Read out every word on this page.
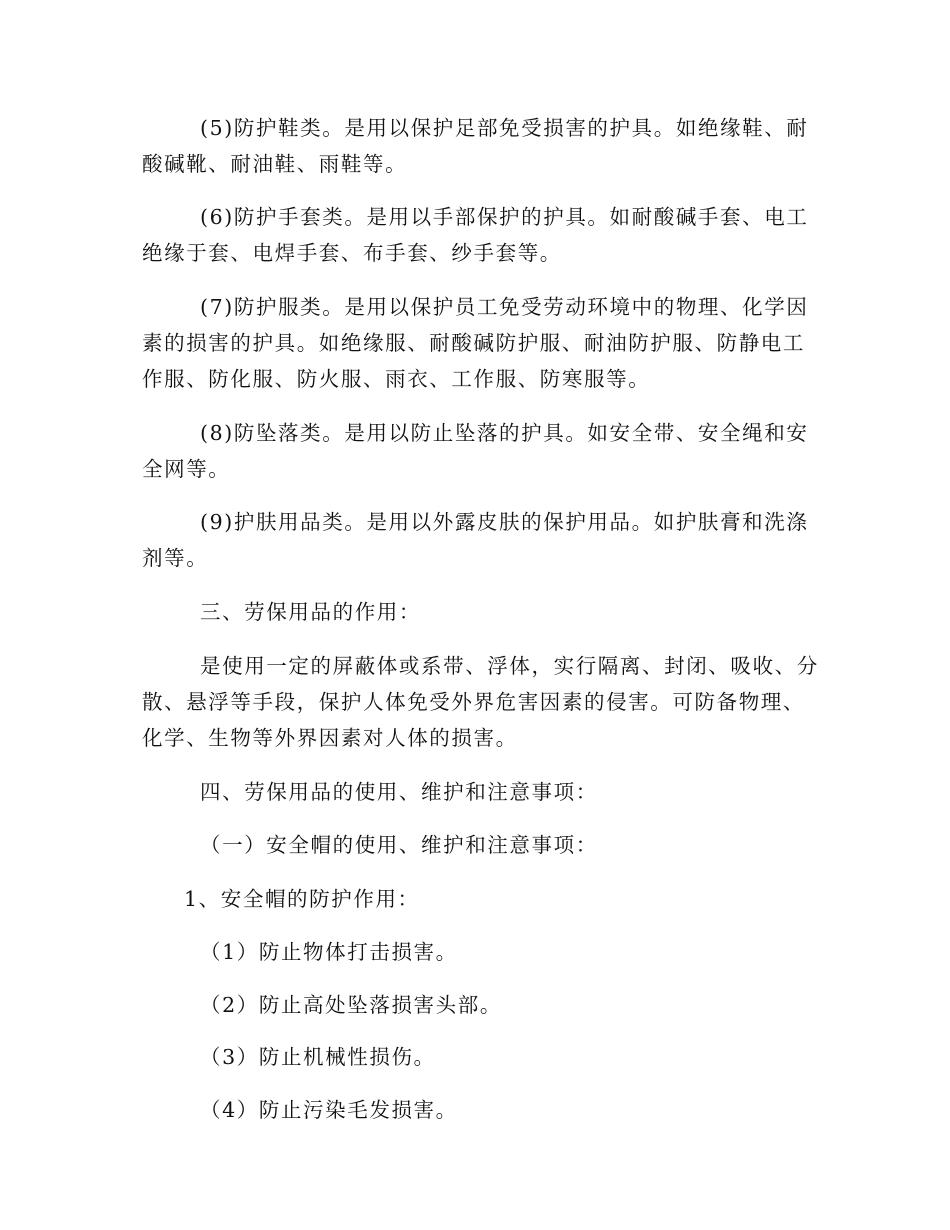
(5)防护鞋类。是用以保护足部免受损害的护具。如绝缘鞋、耐
酸碱靴、耐油鞋、雨鞋等。
(6)防护手套类。是用以手部保护的护具。如耐酸碱手套、电工
绝缘于套、电焊手套、布手套、纱手套等。
(7)防护服类。是用以保护员工免受劳动环境中的物理、化学因
素的损害的护具。如绝缘服、耐酸碱防护服、耐油防护服、防静电工
作服、防化服、防火服、雨衣、工作服、防寒服等。
(8)防坠落类。是用以防止坠落的护具。如安全带、安全绳和安
全网等。
(9)护肤用品类。是用以外露皮肤的保护用品。如护肤膏和洗涤
剂等。
三、劳保用品的作用：
是使用一定的屏蔽体或系带、浮体，实行隔离、封闭、吸收、分
散、悬浮等手段，保护人体免受外界危害因素的侵害。可防备物理、
化学、生物等外界因素对人体的损害。
四、劳保用品的使用、维护和注意事项：
（一）安全帽的使用、维护和注意事项：
1、安全帽的防护作用：
（1）防止物体打击损害。
（2）防止高处坠落损害头部。
（3）防止机械性损伤。
（4）防止污染毛发损害。
